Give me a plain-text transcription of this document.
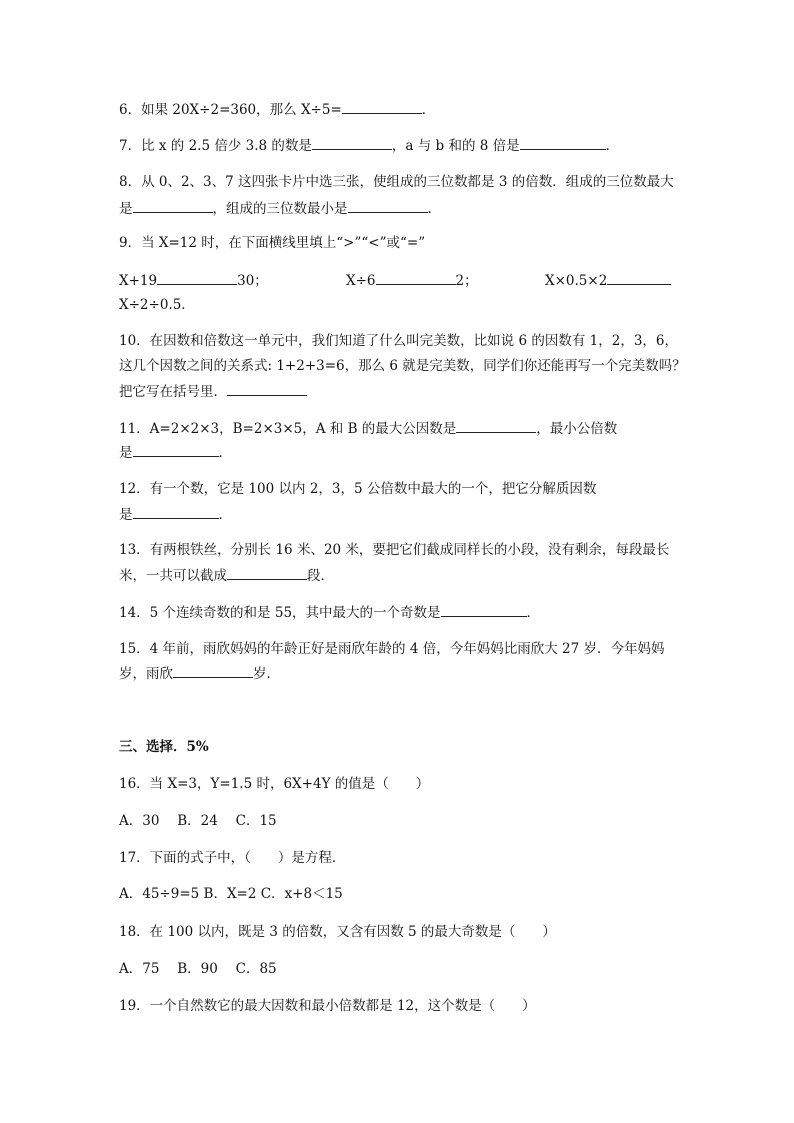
6．如果 20X÷2=360，那么 X÷5=	．
7．比 x 的 2.5 倍少 3.8 的数是	，a 与 b 和的 8 倍是	．
8．从 0、2、3、7 这四张卡片中选三张，使组成的三位数都是 3 的倍数．组成的三位数最大
是	，组成的三位数最小是	．
9．当 X=12 时，在下面横线里填上“>”“<”或“=”
X+19	30；	X÷6	2；	X×0.5×2
X÷2÷0.5．
10．在因数和倍数这一单元中，我们知道了什么叫完美数，比如说 6 的因数有 1，2，3，6，
这几个因数之间的关系式: 1+2+3=6，那么 6 就是完美数，同学们你还能再写一个完美数吗？
把它写在括号里．
11．A=2×2×3，B=2×3×5，A 和 B 的最大公因数是	，最小公倍数
是	．
12．有一个数，它是 100 以内 2，3，5 公倍数中最大的一个，把它分解质因数
是	．
13．有两根铁丝，分别长 16 米、20 米，要把它们截成同样长的小段，没有剩余，每段最长
米，一共可以截成	段．
14．5 个连续奇数的和是 55，其中最大的一个奇数是	．
15．4 年前，雨欣妈妈的年龄正好是雨欣年龄的 4 倍，今年妈妈比雨欣大 27 岁．今年妈妈
岁，雨欣	岁．
三、选择．5%
16．当 X=3，Y=1.5 时，6X+4Y 的值是（　　）
A．30　 B．24　 C．15
17．下面的式子中，（　　）是方程．
A．45÷9=5 B．X=2 C．x+8＜15
18．在 100 以内，既是 3 的倍数，又含有因数 5 的最大奇数是（　　）
A．75　 B．90　 C．85
19．一个自然数它的最大因数和最小倍数都是 12，这个数是（　　）
